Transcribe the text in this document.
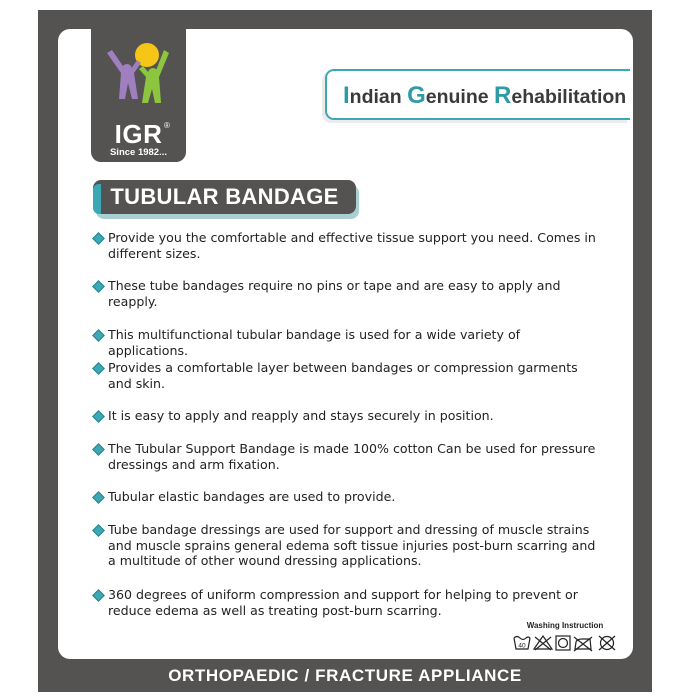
IGR ®
Since 1982...
Indian Genuine Rehabilitation
TUBULAR BANDAGE
Provide you the comfortable and effective tissue support you need. Comes in different sizes.
These tube bandages require no pins or tape and are easy to apply and reapply.
This multifunctional tubular bandage is used for a wide variety of applications.
Provides a comfortable layer between bandages or compression garments and skin.
It is easy to apply and reapply and stays securely in position.
The Tubular Support Bandage is made 100% cotton Can be used for pressure dressings and arm fixation.
Tubular elastic bandages are used to provide.
Tube bandage dressings are used for support and dressing of muscle strains and muscle sprains general edema soft tissue injuries post-burn scarring and a multitude of other wound dressing applications.
360 degrees of uniform compression and support for helping to prevent or reduce edema as well as treating post-burn scarring.
Washing Instruction
40
ORTHOPAEDIC / FRACTURE APPLIANCE
